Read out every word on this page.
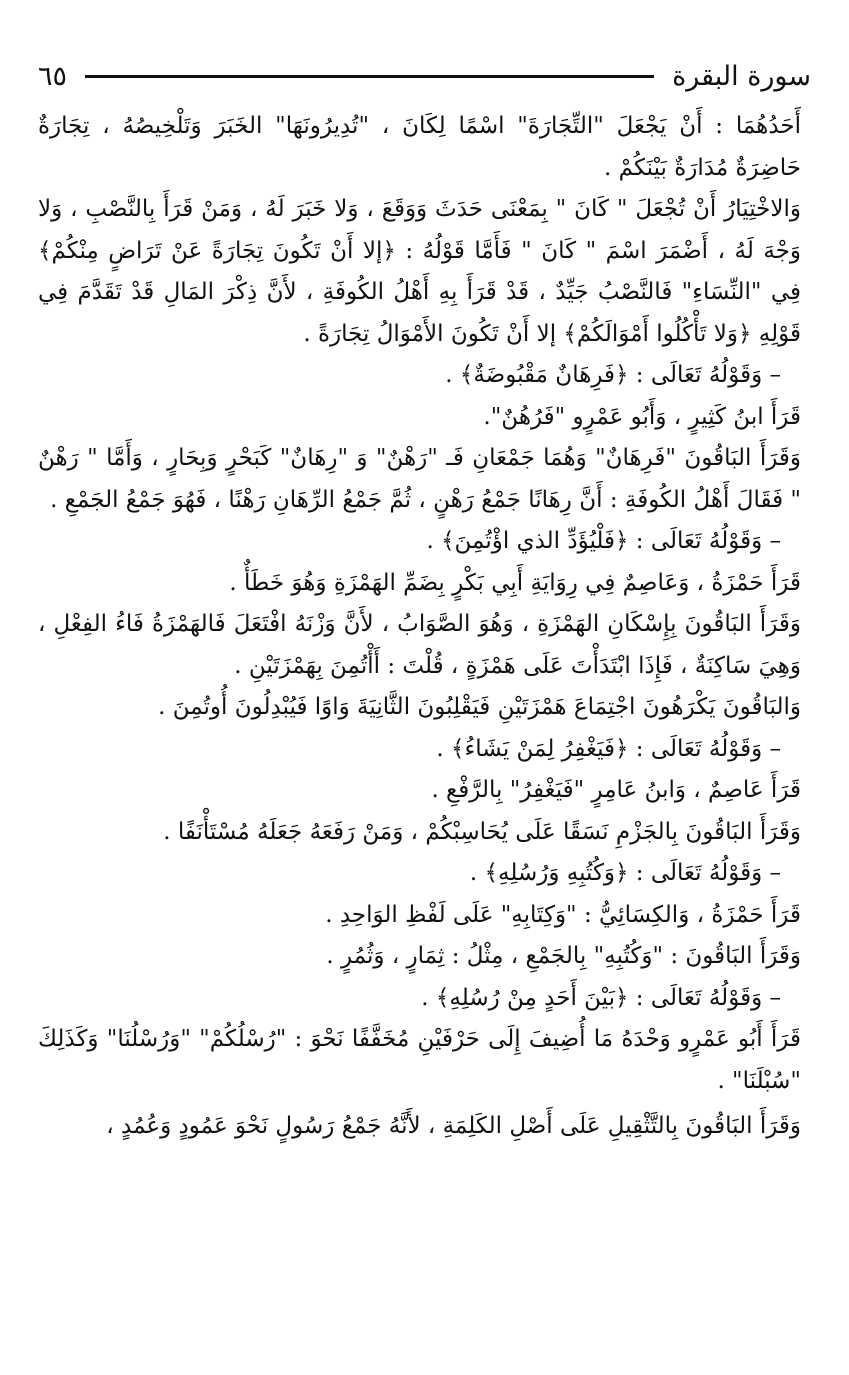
سورة البقرة
٦٥

أَحَدُهُمَا : أَنْ يَجْعَلَ "التِّجَارَةَ" اسْمًا لِكَانَ ، "تُدِيرُونَهَا" الخَبَرَ وَتَلْخِيصُهُ ، تِجَارَةٌ حَاضِرَةٌ مُدَارَةٌ بَيْنَكُمْ .

وَالاخْتِيَارُ أَنْ تُجْعَلَ " كَانَ " بِمَعْنَى حَدَثَ وَوَقَعَ ، وَلا خَبَرَ لَهُ ، وَمَنْ قَرَأَ بِالنَّصْبِ ، وَلا وَجْهَ لَهُ ، أَضْمَرَ اسْمَ " كَانَ " فَأَمَّا قَوْلُهُ : ﴿إلا أَنْ تَكُونَ تِجَارَةً عَنْ تَرَاضٍ مِنْكُمْ﴾ فِي "النِّسَاءِ" فَالنَّصْبُ جَيِّدٌ ، قَدْ قَرَأَ بِهِ أَهْلُ الكُوفَةِ ، لأَنَّ ذِكْرَ المَالِ قَدْ تَقَدَّمَ فِي قَوْلِهِ ﴿وَلا تَأْكُلُوا أَمْوَالَكُمْ﴾ إلا أَنْ تَكُونَ الأَمْوَالُ تِجَارَةً .

– وَقَوْلُهُ تَعَالَى : ﴿فَرِهَانٌ مَقْبُوضَةٌ﴾ .

قَرَأَ ابنُ كَثِيرٍ ، وَأَبُو عَمْرٍو "فَرُهُنٌ".

وَقَرَأَ البَاقُونَ "فَرِهَانٌ" وَهُمَا جَمْعَانِ فَـ "رَهْنٌ" وَ "رِهَانٌ" كَبَحْرٍ وَبِحَارٍ ، وَأَمَّا " رَهْنٌ " فَقَالَ أَهْلُ الكُوفَةِ : أَنَّ رِهَانًا جَمْعُ رَهْنٍ ، ثُمَّ جَمْعُ الرِّهَانِ رَهْنًا ، فَهُوَ جَمْعُ الجَمْعِ .

– وَقَوْلُهُ تَعَالَى : ﴿فَلْيُؤَدِّ الذي اؤْتُمِنَ﴾ .

قَرَأَ حَمْزَةُ ، وَعَاصِمٌ فِي رِوَايَةِ أَبِي بَكْرٍ بِضَمِّ الهَمْزَةِ وَهُوَ خَطَأٌ .

وَقَرَأَ البَاقُونَ بِإِسْكَانِ الهَمْزَةِ ، وَهُوَ الصَّوَابُ ، لأَنَّ وَزْنَهُ افْتَعَلَ فَالهَمْزَةُ فَاءُ الفِعْلِ ، وَهِيَ سَاكِنَةٌ ، فَإِذَا ابْتَدَأْتَ عَلَى هَمْزَةٍ ، قُلْتَ : أَأْتُمِنَ بِهَمْزَتَيْنِ .

وَالبَاقُونَ يَكْرَهُونَ اجْتِمَاعَ هَمْزَتَيْنِ فَيَقْلِبُونَ الثَّانِيَةَ وَاوًا فَيُبْدِلُونَ أُوتُمِنَ .

– وَقَوْلُهُ تَعَالَى : ﴿فَيَغْفِرُ لِمَنْ يَشَاءُ﴾ .

قَرَأَ عَاصِمٌ ، وَابنُ عَامِرٍ "فَيَغْفِرُ" بِالرَّفْعِ .

وَقَرَأَ البَاقُونَ بِالجَزْمِ نَسَقًا عَلَى يُحَاسِبْكُمْ ، وَمَنْ رَفَعَهُ جَعَلَهُ مُسْتَأْنَفًا .

– وَقَوْلُهُ تَعَالَى : ﴿وَكُتُبِهِ وَرُسُلِهِ﴾ .

قَرَأَ حَمْزَةُ ، وَالكِسَائِيُّ : "وَكِتَابِهِ" عَلَى لَفْظِ الوَاحِدِ .

وَقَرَأَ البَاقُونَ : "وَكُتُبِهِ" بِالجَمْعِ ، مِثْلُ : ثِمَارٍ ، وَثُمُرٍ .

– وَقَوْلُهُ تَعَالَى : ﴿بَيْنَ أَحَدٍ مِنْ رُسُلِهِ﴾ .

قَرَأَ أَبُو عَمْرٍو وَحْدَهُ مَا أُضِيفَ إِلَى حَرْفَيْنِ مُخَفَّفًا نَحْوَ : "رُسْلُكُمْ" "وَرُسْلُنَا" وَكَذَلِكَ "سُبْلَنَا" .

وَقَرَأَ البَاقُونَ بِالتَّثْقِيلِ عَلَى أَصْلِ الكَلِمَةِ ، لأَنَّهُ جَمْعُ رَسُولٍ نَحْوَ عَمُودٍ وَعُمُدٍ ،
